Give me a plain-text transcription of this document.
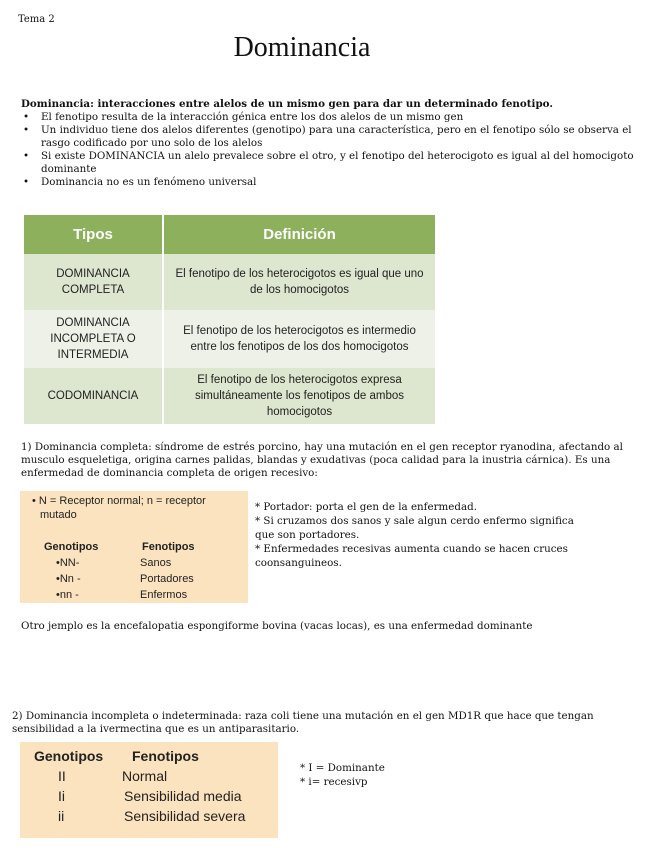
Tema 2
Dominancia
Dominancia: interacciones entre alelos de un mismo gen para dar un determinado fenotipo.
• El fenotipo resulta de la interacción génica entre los dos alelos de un mismo gen
• Un individuo tiene dos alelos diferentes (genotipo) para una característica, pero en el fenotipo sólo se observa el rasgo codificado por uno solo de los alelos
• Si existe DOMINANCIA un alelo prevalece sobre el otro, y el fenotipo del heterocigoto es igual al del homocigoto dominante
• Dominancia no es un fenómeno universal
Tipos	Definición
DOMINANCIA COMPLETA	El fenotipo de los heterocigotos es igual que uno de los homocigotos
DOMINANCIA INCOMPLETA O INTERMEDIA	El fenotipo de los heterocigotos es intermedio entre los fenotipos de los dos homocigotos
CODOMINANCIA	El fenotipo de los heterocigotos expresa simultáneamente los fenotipos de ambos homocigotos
1) Dominancia completa: síndrome de estrés porcino, hay una mutación en el gen receptor ryanodina, afectando al musculo esqueletiga, origina carnes palidas, blandas y exudativas (poca calidad para la inustria cárnica). Es una enfermedad de dominancia completa de origen recesivo:
• N = Receptor normal; n = receptor
mutado
Genotipos	Fenotipos
•NN-	Sanos
•Nn -	Portadores
•nn -	Enfermos
* Portador: porta el gen de la enfermedad.
* Si cruzamos dos sanos y sale algun cerdo enfermo significa que son portadores.
* Enfermedades recesivas aumenta cuando se hacen cruces coonsanguineos.
Otro jemplo es la encefalopatia espongiforme bovina (vacas locas), es una enfermedad dominante
2) Dominancia incompleta o indeterminada: raza coli tiene una mutación en el gen MD1R que hace que tengan sensibilidad a la ivermectina que es un antiparasitario.
Genotipos Fenotipos
II	Normal
Ii	Sensibilidad media
ii	Sensibilidad severa
* I = Dominante
* i= recesivp
